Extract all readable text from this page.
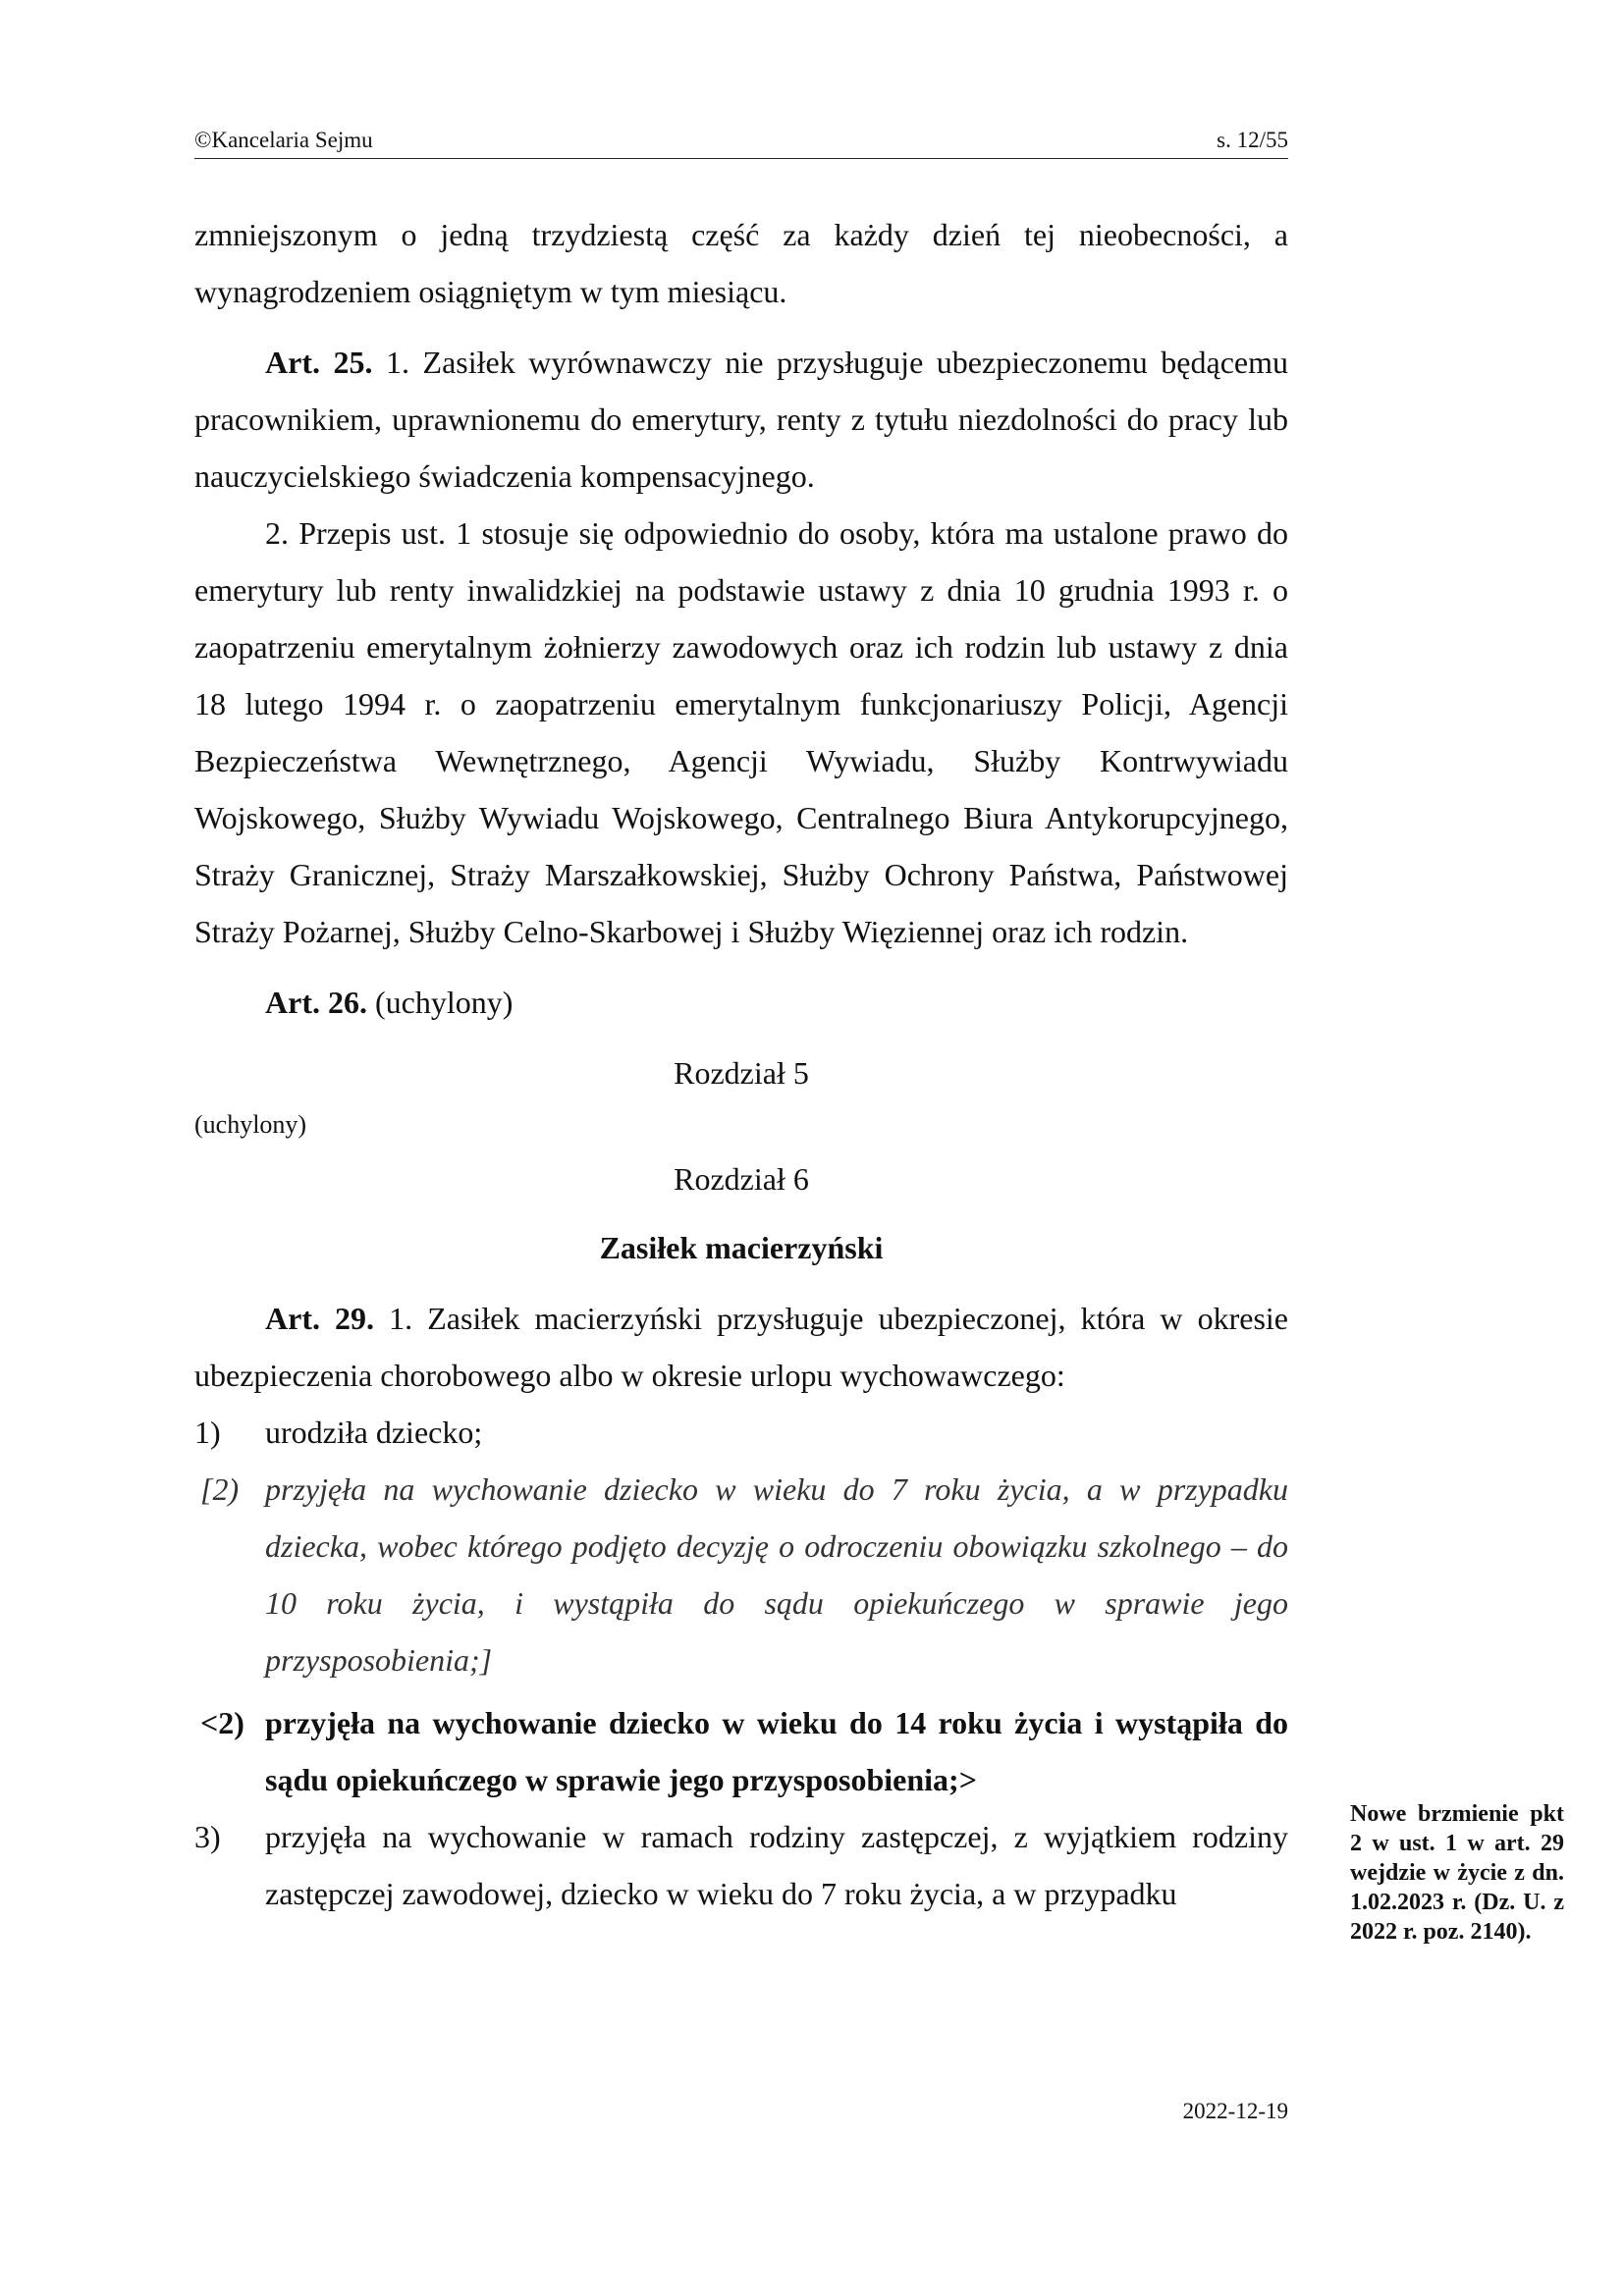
©Kancelaria Sejmu	s. 12/55

zmniejszonym o jedną trzydziestą część za każdy dzień tej nieobecności, a wynagrodzeniem osiągniętym w tym miesiącu.

Art. 25. 1. Zasiłek wyrównawczy nie przysługuje ubezpieczonemu będącemu pracownikiem, uprawnionemu do emerytury, renty z tytułu niezdolności do pracy lub nauczycielskiego świadczenia kompensacyjnego.

2. Przepis ust. 1 stosuje się odpowiednio do osoby, która ma ustalone prawo do emerytury lub renty inwalidzkiej na podstawie ustawy z dnia 10 grudnia 1993 r. o zaopatrzeniu emerytalnym żołnierzy zawodowych oraz ich rodzin lub ustawy z dnia 18 lutego 1994 r. o zaopatrzeniu emerytalnym funkcjonariuszy Policji, Agencji Bezpieczeństwa Wewnętrznego, Agencji Wywiadu, Służby Kontrwywiadu Wojskowego, Służby Wywiadu Wojskowego, Centralnego Biura Antykorupcyjnego, Straży Granicznej, Straży Marszałkowskiej, Służby Ochrony Państwa, Państwowej Straży Pożarnej, Służby Celno-Skarbowej i Służby Więziennej oraz ich rodzin.

Art. 26. (uchylony)

Rozdział 5

(uchylony)

Rozdział 6

Zasiłek macierzyński

Art. 29. 1. Zasiłek macierzyński przysługuje ubezpieczonej, która w okresie ubezpieczenia chorobowego albo w okresie urlopu wychowawczego:

1)	urodziła dziecko;
[2) przyjęła na wychowanie dziecko w wieku do 7 roku życia, a w przypadku dziecka, wobec którego podjęto decyzję o odroczeniu obowiązku szkolnego – do 10 roku życia, i wystąpiła do sądu opiekuńczego w sprawie jego przysposobienia;]
<2) przyjęła na wychowanie dziecko w wieku do 14 roku życia i wystąpiła do sądu opiekuńczego w sprawie jego przysposobienia;>
3)	przyjęła na wychowanie w ramach rodziny zastępczej, z wyjątkiem rodziny zastępczej zawodowej, dziecko w wieku do 7 roku życia, a w przypadku
Nowe brzmienie pkt 2 w ust. 1 w art. 29 wejdzie w życie z dn. 1.02.2023 r. (Dz. U. z 2022 r. poz. 2140).
2022-12-19
